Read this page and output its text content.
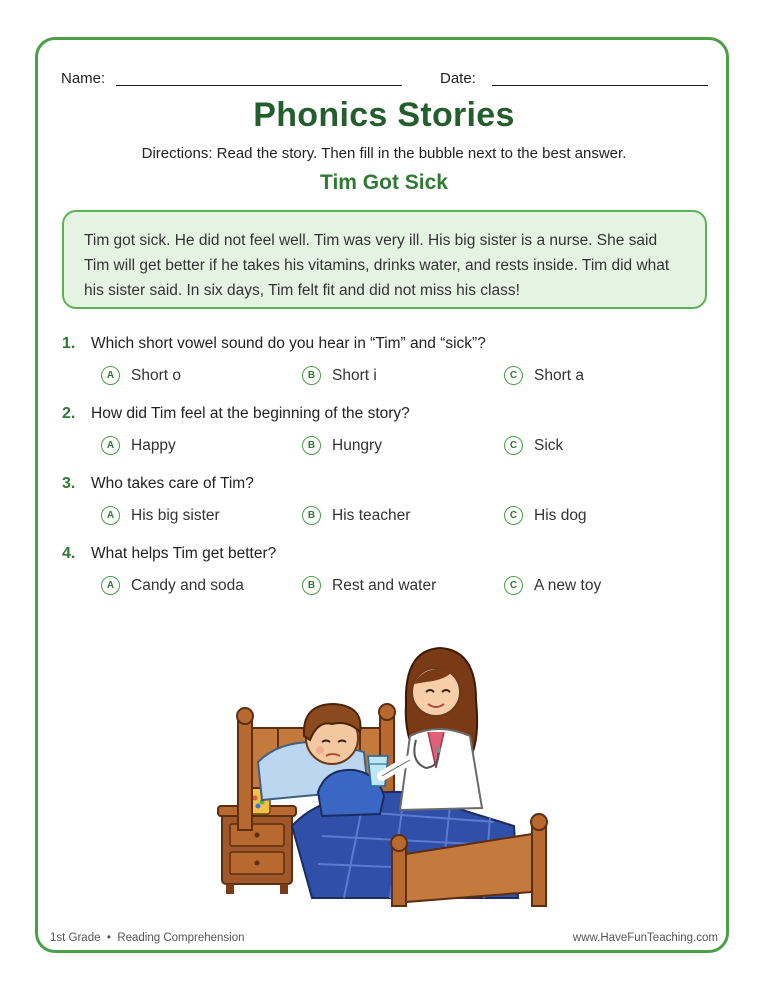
Name:	Date:
Phonics Stories
Directions: Read the story. Then fill in the bubble next to the best answer.
Tim Got Sick
Tim got sick. He did not feel well. Tim was very ill. His big sister is a nurse. She said Tim will get better if he takes his vitamins, drinks water, and rests inside. Tim did what his sister said. In six days, Tim felt fit and did not miss his class!
1. Which short vowel sound do you hear in “Tim” and “sick”?
A	Short o	B	Short i	C	Short a
2. How did Tim feel at the beginning of the story?
A	Happy	B	Hungry	C	Sick
3. Who takes care of Tim?
A	His big sister	B	His teacher	C	His dog
4. What helps Tim get better?
A	Candy and soda	B	Rest and water	C	A new toy
1st Grade • Reading Comprehension	www.HaveFunTeaching.com
